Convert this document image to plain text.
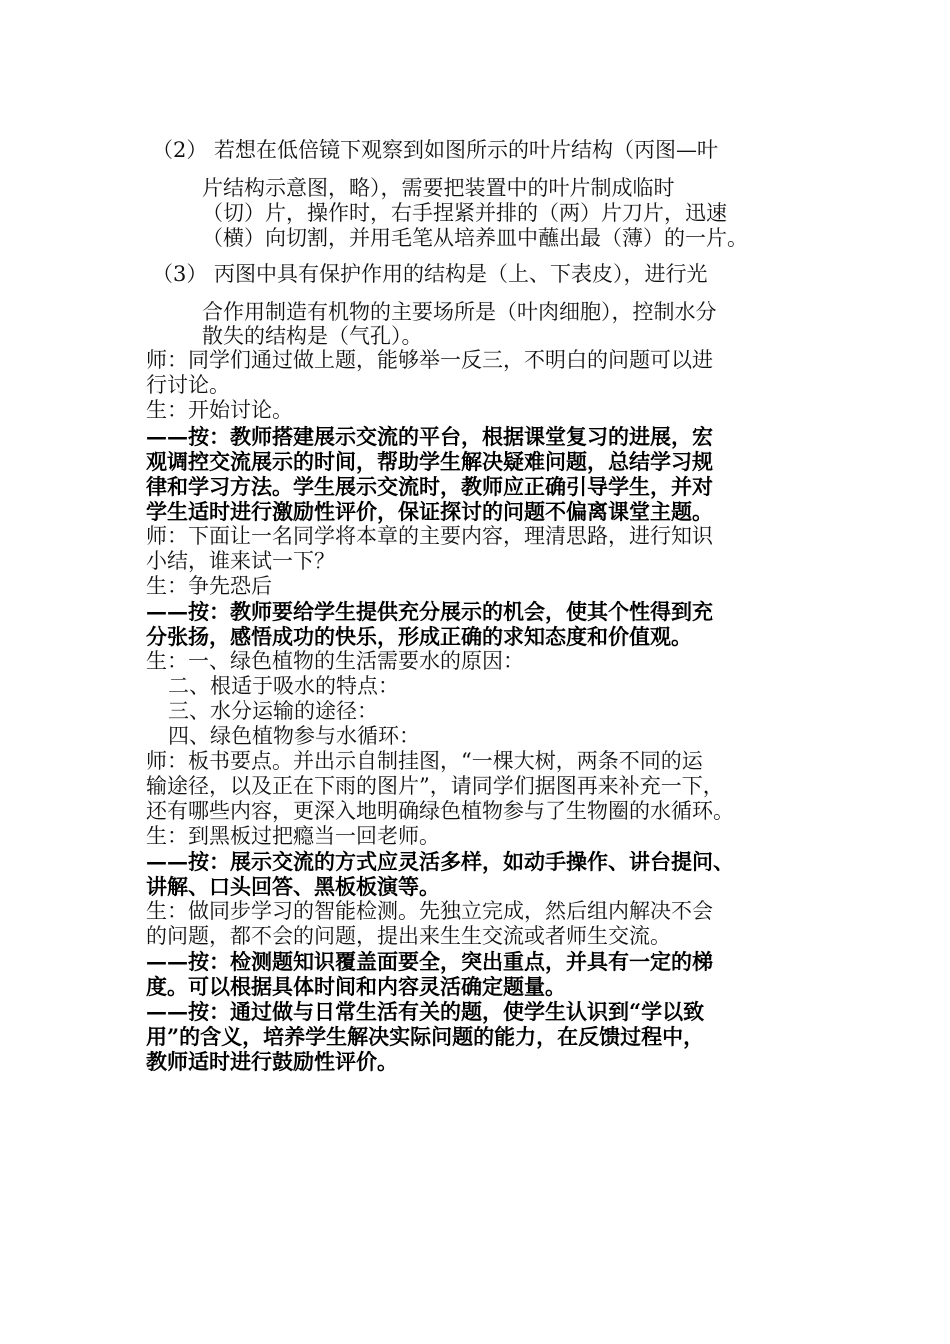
（2） 若想在低倍镜下观察到如图所示的叶片结构（丙图—叶
片结构示意图，略），需要把装置中的叶片制成临时
（切）片，操作时，右手捏紧并排的（两）片刀片，迅速
（横）向切割，并用毛笔从培养皿中蘸出最（薄）的一片。
（3） 丙图中具有保护作用的结构是（上、下表皮），进行光
合作用制造有机物的主要场所是（叶肉细胞），控制水分
散失的结构是（气孔）。
师：同学们通过做上题，能够举一反三，不明白的问题可以进
行讨论。
生：开始讨论。
——按：教师搭建展示交流的平台，根据课堂复习的进展，宏
观调控交流展示的时间，帮助学生解决疑难问题，总结学习规
律和学习方法。学生展示交流时，教师应正确引导学生，并对
学生适时进行激励性评价，保证探讨的问题不偏离课堂主题。
师：下面让一名同学将本章的主要内容，理清思路，进行知识
小结，谁来试一下？
生：争先恐后
——按：教师要给学生提供充分展示的机会，使其个性得到充
分张扬，感悟成功的快乐，形成正确的求知态度和价值观。
生：一、绿色植物的生活需要水的原因：
二、根适于吸水的特点：
三、水分运输的途径：
四、绿色植物参与水循环：
师：板书要点。并出示自制挂图，“一棵大树，两条不同的运
输途径，以及正在下雨的图片”，请同学们据图再来补充一下，
还有哪些内容，更深入地明确绿色植物参与了生物圈的水循环。
生：到黑板过把瘾当一回老师。
——按：展示交流的方式应灵活多样，如动手操作、讲台提问、
讲解、口头回答、黑板板演等。
生：做同步学习的智能检测。先独立完成，然后组内解决不会
的问题，都不会的问题，提出来生生交流或者师生交流。
——按：检测题知识覆盖面要全，突出重点，并具有一定的梯
度。可以根据具体时间和内容灵活确定题量。
——按：通过做与日常生活有关的题，使学生认识到“学以致
用”的含义，培养学生解决实际问题的能力，在反馈过程中，
教师适时进行鼓励性评价。
